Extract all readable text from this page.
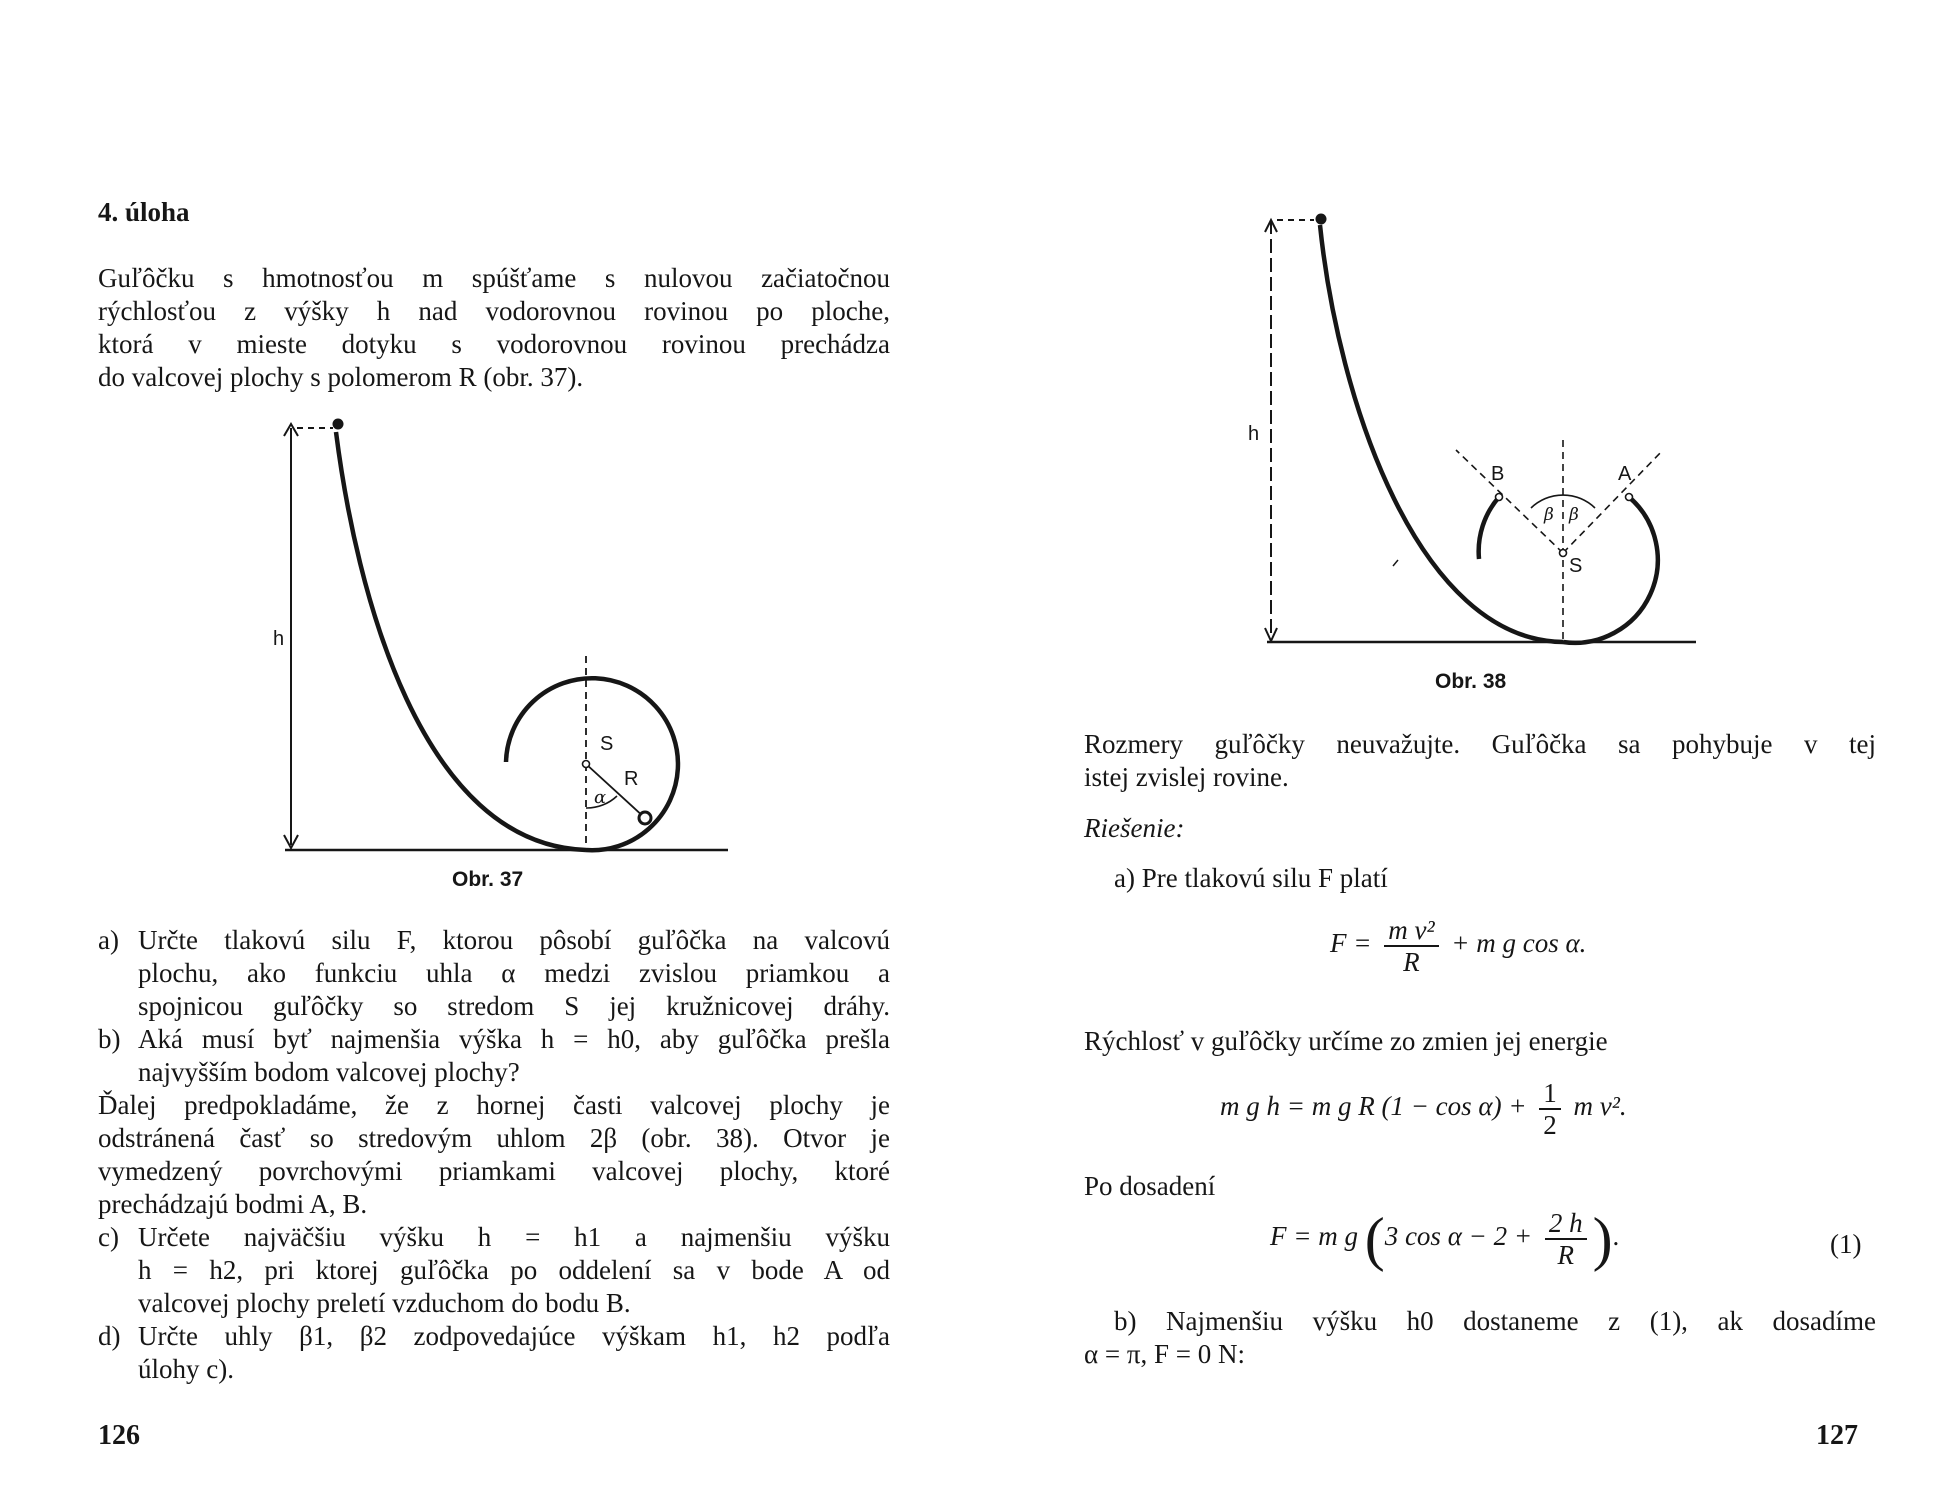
4. úloha
Guľôčku s hmotnosťou m spúšťame s nulovou začiatočnou
rýchlosťou z výšky h nad vodorovnou rovinou po ploche,
ktorá v mieste dotyku s vodorovnou rovinou prechádza
do valcovej plochy s polomerom R (obr. 37).
h
S
R
α
Obr. 37
a) Určte tlakovú silu F, ktorou pôsobí guľôčka na valcovú
plochu, ako funkciu uhla α medzi zvislou priamkou a
spojnicou guľôčky so stredom S jej kružnicovej dráhy.
b) Aká musí byť najmenšia výška h = h0, aby guľôčka prešla
najvyšším bodom valcovej plochy?
Ďalej predpokladáme, že z hornej časti valcovej plochy je
odstránená časť so stredovým uhlom 2β (obr. 38). Otvor je
vymedzený povrchovými priamkami valcovej plochy, ktoré
prechádzajú bodmi A, B.
c) Určete najväčšiu výšku h = h1 a najmenšiu výšku
h = h2, pri ktorej guľôčka po oddelení sa v bode A od
valcovej plochy preletí vzduchom do bodu B.
d) Určte uhly β1, β2 zodpovedajúce výškam h1, h2 podľa
úlohy c).
126
h
B	A
S
β β
Obr. 38
Rozmery guľôčky neuvažujte. Guľôčka sa pohybuje v tej
istej zvislej rovine.
Riešenie:
a) Pre tlakovú silu F platí
$F = \frac{\text{m v²}}{R} + m$ g cos α.
Rýchlosť v guľôčky určíme zo zmien jej energie
m g h = m g R $(1 - \cos \alpha) + \frac{1}{2}$ m v².
Po dosadení
F = m g (3 $\cos \alpha - 2 + \frac{2 h}{R}$ ).	(1)
b) Najmenšiu výšku h0 dostaneme z (1), ak dosadíme
α = π, F = 0 N:
127
